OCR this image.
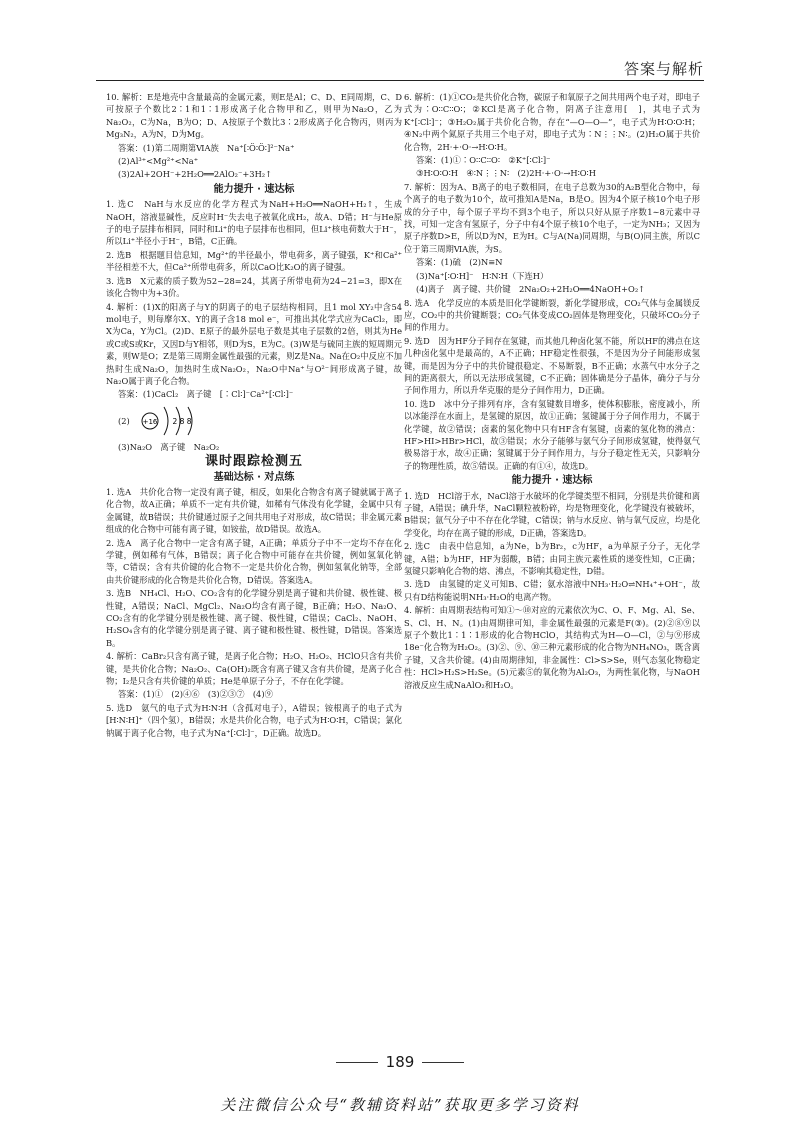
答案与解析

10. 解析：E是地壳中含量最高的金属元素，则E是Al；C、D、E同周期，C、D可按原子个数比2∶1和1∶1形成离子化合物甲和乙，则甲为Na₂O，乙为Na₂O₂，C为Na，B为O；D、A按原子个数比3∶2形成离子化合物丙，则丙为Mg₃N₂，A为N，D为Mg。

答案：(1)第二周期第ⅥA族　Na⁺[∶Ö∶Ö∶]²⁻Na⁺

(2)Al³⁺<Mg²⁺<Na⁺

(3)2Al+2OH⁻+2H₂O══2AlO₂⁻+3H₂↑

能力提升 · 速达标

1. 选C　NaH与水反应的化学方程式为NaH+H₂O══NaOH+H₂↑，生成NaOH，溶液显碱性，反应时H⁻失去电子被氧化成H₂，故A、D错；H⁻与He原子的电子层排布相同，同时和Li⁺的电子层排布也相同，但Li⁺核电荷数大于H⁻，所以Li⁺半径小于H⁻，B错，C正确。

2. 选B　根据题目信息知，Mg²⁺的半径最小，带电荷多，离子键强，K⁺和Ca²⁺半径相差不大，但Ca²⁺所带电荷多，所以CaO比K₂O的离子键强。

3. 选B　X元素的质子数为52−28=24，其离子所带电荷为24−21=3，即X在该化合物中为+3价。

4. 解析：(1)X的阳离子与Y的阴离子的电子层结构相同，且1 mol XY₂中含54 mol电子，则每摩尔X、Y的离子含18 mol e⁻，可推出其化学式应为CaCl₂，即X为Ca，Y为Cl。(2)D、E原子的最外层电子数是其电子层数的2倍，则其为He或C或S或Kr，又因D与Y相邻，则D为S，E为C。(3)W是与硫同主族的短周期元素，则W是O；Z是第三周期金属性最强的元素，则Z是Na。Na在O₂中反应不加热时生成Na₂O，加热时生成Na₂O₂，Na₂O中Na⁺与O²⁻间形成离子键，故Na₂O属于离子化合物。

答案：(1)CaCl₂　离子键　[∶Cl∶]⁻Ca²⁺[∶Cl∶]⁻

(2) +16 2 8 8

(3)Na₂O　离子键　Na₂O₂

课时跟踪检测五
基础达标 · 对点练

1. 选A　共价化合物一定没有离子键，相反，如果化合物含有离子键就属于离子化合物，故A正确；单质不一定有共价键，如稀有气体没有化学键，金属中只有金属键，故B错误；共价键通过原子之间共用电子对形成，故C错误；非金属元素组成的化合物中可能有离子键，如铵盐，故D错误。故选A。

2. 选A　离子化合物中一定含有离子键，A正确；单质分子中不一定均不存在化学键，例如稀有气体，B错误；离子化合物中可能存在共价键，例如氢氧化钠等，C错误；含有共价键的化合物不一定是共价化合物，例如氢氧化钠等，全部由共价键形成的化合物是共价化合物，D错误。答案选A。

3. 选B　NH₄Cl、H₂O、CO₂含有的化学键分别是离子键和共价键、极性键、极性键，A错误；NaCl、MgCl₂、Na₂O均含有离子键，B正确；H₂O、Na₂O、CO₂含有的化学键分别是极性键、离子键、极性键，C错误；CaCl₂、NaOH、H₂SO₄含有的化学键分别是离子键、离子键和极性键、极性键，D错误。答案选B。

4. 解析：CaBr₂只含有离子键，是离子化合物；H₂O、H₂O₂、HClO只含有共价键，是共价化合物；Na₂O₂、Ca(OH)₂既含有离子键又含有共价键，是离子化合物；I₂是只含有共价键的单质；He是单原子分子，不存在化学键。

答案：(1)①　(2)④⑥　(3)②③⑦　(4)⑨

5. 选D　氨气的电子式为H∶N∶H（含孤对电子），A错误；铵根离子的电子式为[H∶N∶H]⁺（四个氢），B错误；水是共价化合物，电子式为H∶O∶H，C错误；氯化钠属于离子化合物，电子式为Na⁺[∶Cl∶]⁻，D正确。故选D。

6. 解析：(1)①CO₂是共价化合物，碳原子和氧原子之间共用两个电子对，即电子式为∶O∶∶C∶∶O∶；②KCl是离子化合物，阴离子注意用[　]，其电子式为K⁺[∶Cl∶]⁻；③H₂O₂属于共价化合物，存在“—O—O—”，电子式为H∶O∶O∶H；④N₂中两个氮原子共用三个电子对，即电子式为∶N⋮⋮N∶。(2)H₂O属于共价化合物，2H·+·O·→H∶O∶H。

答案：(1)①∶O∶∶C∶∶O∶　②K⁺[∶Cl∶]⁻

③H∶O∶O∶H　④∶N⋮⋮N∶　(2)2H·+·O·→H∶O∶H

7. 解析：因为A、B离子的电子数相同，在电子总数为30的A₂B型化合物中，每个离子的电子数为10个，故可推知A是Na，B是O。因为4个原子核10个电子形成的分子中，每个原子平均不到3个电子，所以只好从原子序数1∼8元素中寻找，可知一定含有氢原子，分子中有4个原子核10个电子，一定为NH₃；又因为原子序数D>E，所以D为N，E为H。C与A(Na)同周期，与B(O)同主族，所以C位于第三周期ⅥA族，为S。

答案：(1)硫　(2)N≡N

(3)Na⁺[∶O∶H]⁻　H∶N∶H（下连H）

(4)离子　离子键、共价键　2Na₂O₂+2H₂O══4NaOH+O₂↑

8. 选A　化学反应的本质是旧化学键断裂，新化学键形成，CO₂气体与金属镁反应，CO₂中的共价键断裂；CO₂气体变成CO₂固体是物理变化，只破坏CO₂分子间的作用力。

9. 选D　因为HF分子间存在氢键，而其他几种卤化氢不能，所以HF的沸点在这几种卤化氢中是最高的，A不正确；HF稳定性很强，不是因为分子间能形成氢键，而是因为分子中的共价键很稳定、不易断裂，B不正确；水蒸气中水分子之间的距离很大，所以无法形成氢键，C不正确；固体确是分子晶体，确分子与分子间作用力，所以升华克服的是分子间作用力，D正确。

10. 选D　冰中分子排列有序，含有氢键数目增多，使体积膨胀，密度减小，所以冰能浮在水面上，是氢键的原因，故①正确；氢键属于分子间作用力，不属于化学键，故②错误；卤素的氢化物中只有HF含有氢键，卤素的氢化物的沸点：HF>HI>HBr>HCl，故③错误；水分子能够与氨气分子间形成氢键，使得氨气极易溶于水，故④正确；氢键属于分子间作用力，与分子稳定性无关，只影响分子的物理性质，故⑤错误。正确的有①④，故选D。

能力提升 · 速达标

1. 选D　HCl溶于水，NaCl溶于水破坏的化学键类型不相同，分别是共价键和离子键，A错误；碘升华，NaCl颗粒被粉碎，均是物理变化，化学键没有被破坏，B错误；氩气分子中不存在化学键，C错误；钠与水反应、钠与氧气反应，均是化学变化，均存在离子键的形成，D正确，答案选D。

2. 选C　由表中信息知，a为Ne，b为Br₂，c为HF，a为单原子分子，无化学键，A错；b为HF，HF为弱酸，B错；由同主族元素性质的递变性知，C正确；氢键只影响化合物的熔、沸点，不影响其稳定性，D错。

3. 选D　由氢键的定义可知B、C错；氨水溶液中NH₃·H₂O⇌NH₄⁺+OH⁻，故只有D结构能说明NH₃·H₂O的电离产物。

4. 解析：由周期表结构可知①～⑩对应的元素依次为C、O、F、Mg、Al、Se、S、Cl、H、N。(1)由周期律可知，非金属性最强的元素是F(③)。(2)②⑧⑨以原子个数比1∶1∶1形成的化合物HClO，其结构式为H—O—Cl，②与⑨形成18e⁻化合物为H₂O₂。(3)②、⑨、⑩三种元素形成的化合物为NH₄NO₃，既含离子键，又含共价键。(4)由周期律知，非金属性：Cl>S>Se，则气态氢化物稳定性：HCl>H₂S>H₂Se。(5)元素⑤的氧化物为Al₂O₃，为两性氧化物，与NaOH溶液反应生成NaAlO₂和H₂O。

189
关注微信公众号“教辅资料站”获取更多学习资料
